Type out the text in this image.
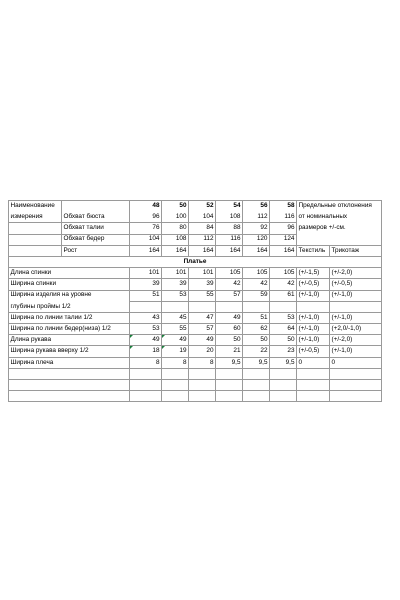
Наименование		48	50	52	54	56	58	Предельные отклонения	
измерения	Обхват бюста	96	100	104	108	112	116	от номинальных	
	Обхват талии	76	80	84	88	92	96	размеров +/-см.	
	Обхват бедер	104	108	112	116	120	124		
	Рост	164	164	164	164	164	164	Текстиль	Трикотаж
Платье									
Длина спинки		101	101	101	105	105	105	(+/-1,5)	(+/-2,0)
Ширина спинки		39	39	39	42	42	42	(+/-0,5)	(+/-0,5)
Ширина изделия на уровне		51	53	55	57	59	61	(+/-1,0)	(+/-1,0)
глубины проймы 1/2									
Ширина по линии талии 1/2		43	45	47	49	51	53	(+/-1,0)	(+/-1,0)
Ширина по линии бедер(низа) 1/2		53	55	57	60	62	64	(+/-1,0)	(+2,0/-1,0)
Длина рукава		49	49	49	50	50	50	(+/-1,0)	(+/-2,0)
Ширина рукава вверху 1/2		18	19	20	21	22	23	(+/-0,5)	(+/-1,0)
Ширина плеча		8	8	8	9,5	9,5	9,5	0	0
